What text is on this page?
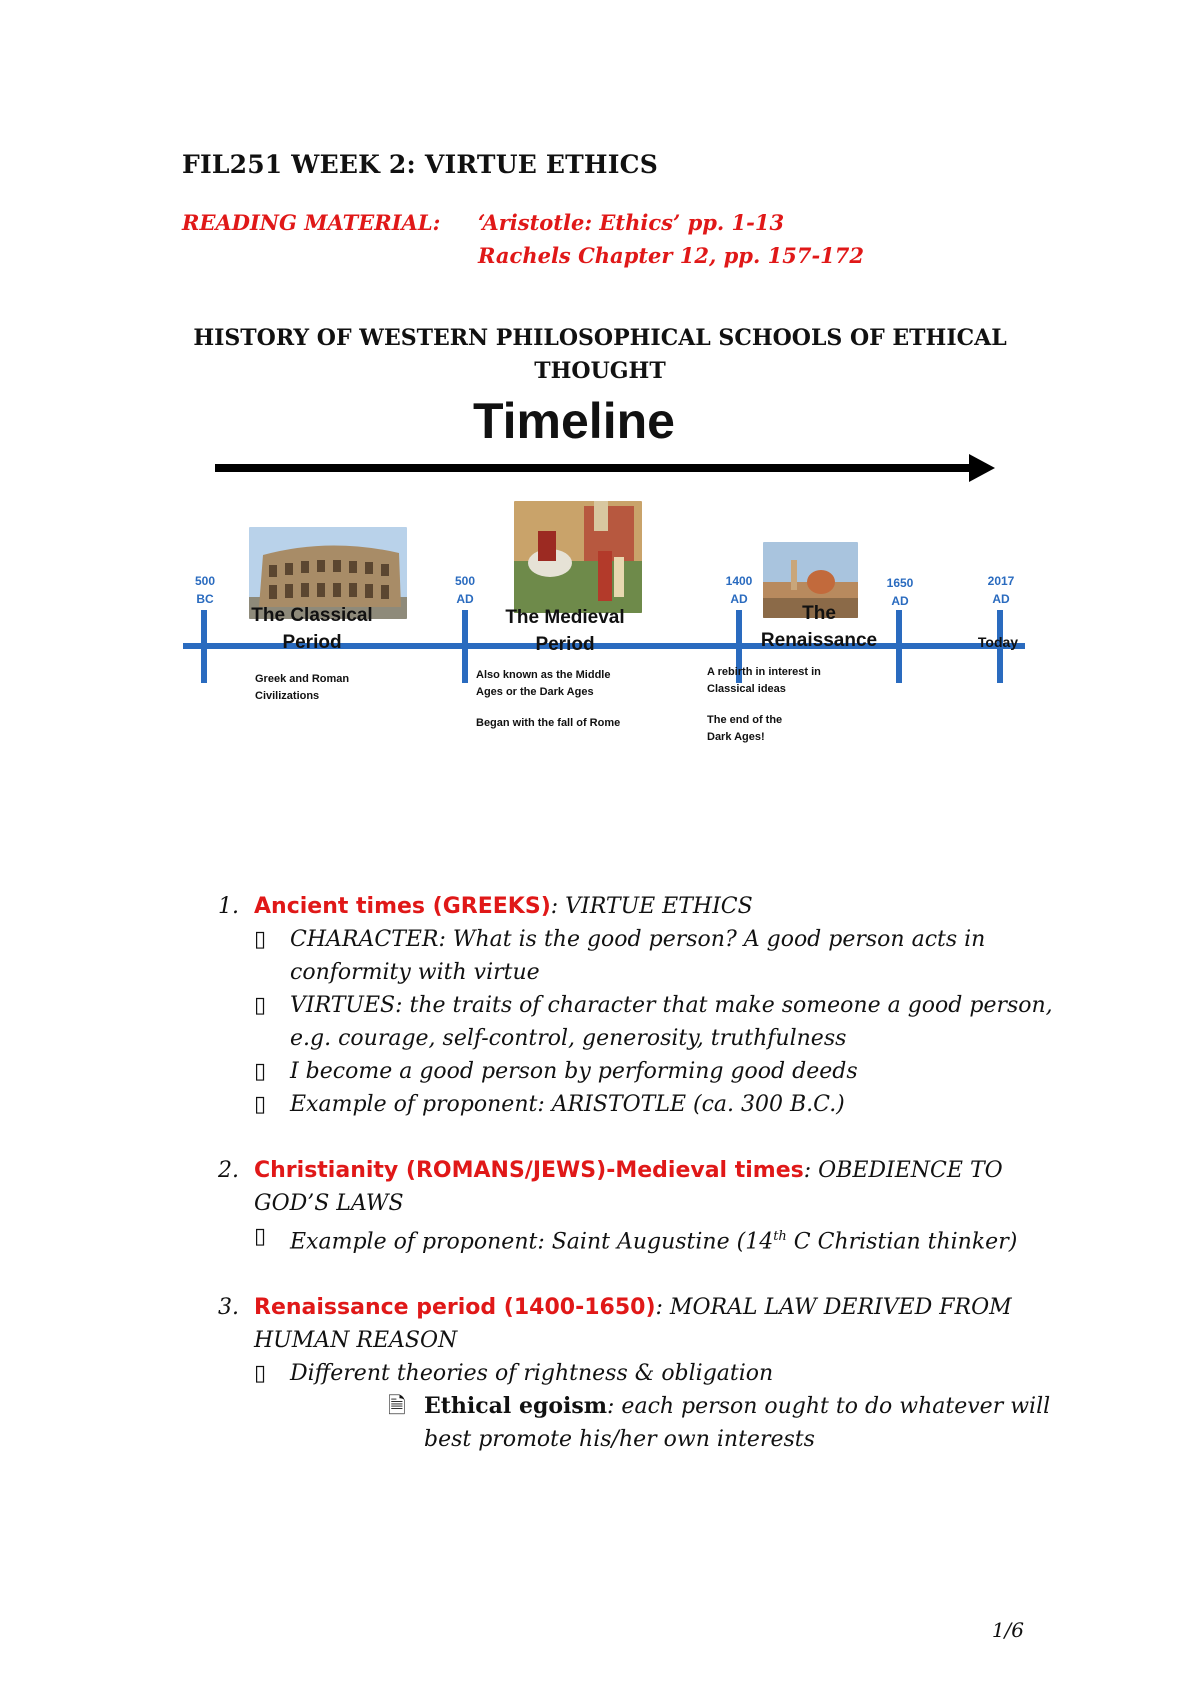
FIL251 WEEK 2: VIRTUE ETHICS
READING MATERIAL: ‘Aristotle: Ethics’ pp. 1-13
Rachels Chapter 12, pp. 157-172
HISTORY OF WESTERN PHILOSOPHICAL SCHOOLS OF ETHICAL THOUGHT
Timeline
500
BC
500
AD
1400
AD
1650
AD
2017
AD
The Classical
Period
Greek and Roman
Civilizations
The Medieval
Period
Also known as the Middle
Ages or the Dark Ages
Began with the fall of Rome
The
Renaissance
A rebirth in interest in
Classical ideas
The end of the
Dark Ages!
Today
1. Ancient times (GREEKS): VIRTUE ETHICS
▯ CHARACTER: What is the good person? A good person acts in conformity with virtue
▯ VIRTUES: the traits of character that make someone a good person, e.g. courage, self-control, generosity, truthfulness
▯ I become a good person by performing good deeds
▯ Example of proponent: ARISTOTLE (ca. 300 B.C.)
2. Christianity (ROMANS/JEWS)-Medieval times: OBEDIENCE TO GOD’S LAWS
▯ Example of proponent: Saint Augustine (14th C Christian thinker)
3. Renaissance period (1400-1650): MORAL LAW DERIVED FROM HUMAN REASON
▯ Different theories of rightness & obligation
🗎 Ethical egoism: each person ought to do whatever will best promote his/her own interests
1/6
